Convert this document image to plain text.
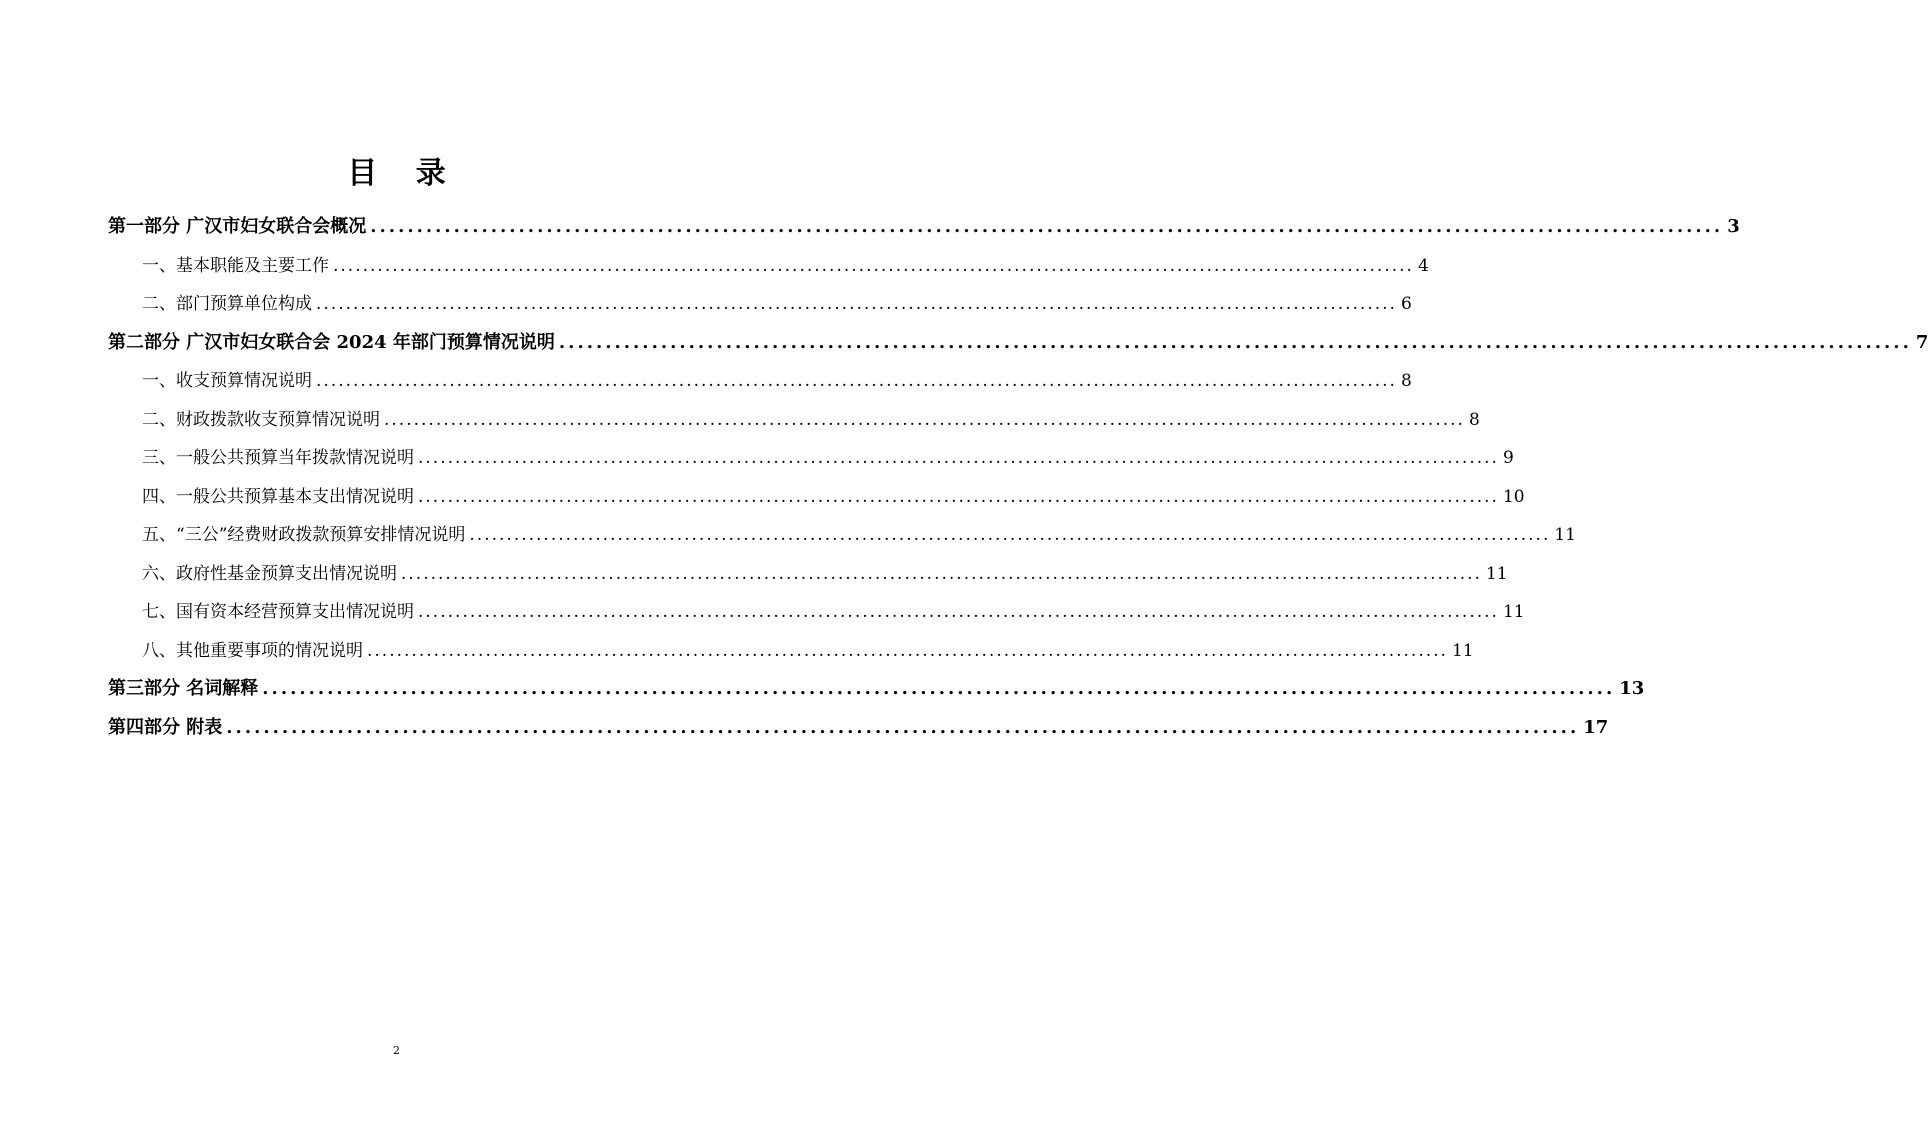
目 录
第一部分 广汉市妇女联合会概况 .................................................................................................................................................. 3
一、基本职能及主要工作 .................................................................................................................................................. 4
二、部门预算单位构成 .................................................................................................................................................. 6
第二部分 广汉市妇女联合会 2024 年部门预算情况说明 .................................................................................................................................................. 7
一、收支预算情况说明 .................................................................................................................................................. 8
二、财政拨款收支预算情况说明 .................................................................................................................................................. 8
三、一般公共预算当年拨款情况说明 .................................................................................................................................................. 9
四、一般公共预算基本支出情况说明 .................................................................................................................................................. 10
五、“三公”经费财政拨款预算安排情况说明 .................................................................................................................................................. 11
六、政府性基金预算支出情况说明 .................................................................................................................................................. 11
七、国有资本经营预算支出情况说明 .................................................................................................................................................. 11
八、其他重要事项的情况说明 .................................................................................................................................................. 11
第三部分 名词解释 .................................................................................................................................................. 13
第四部分 附表 .................................................................................................................................................. 17
2
